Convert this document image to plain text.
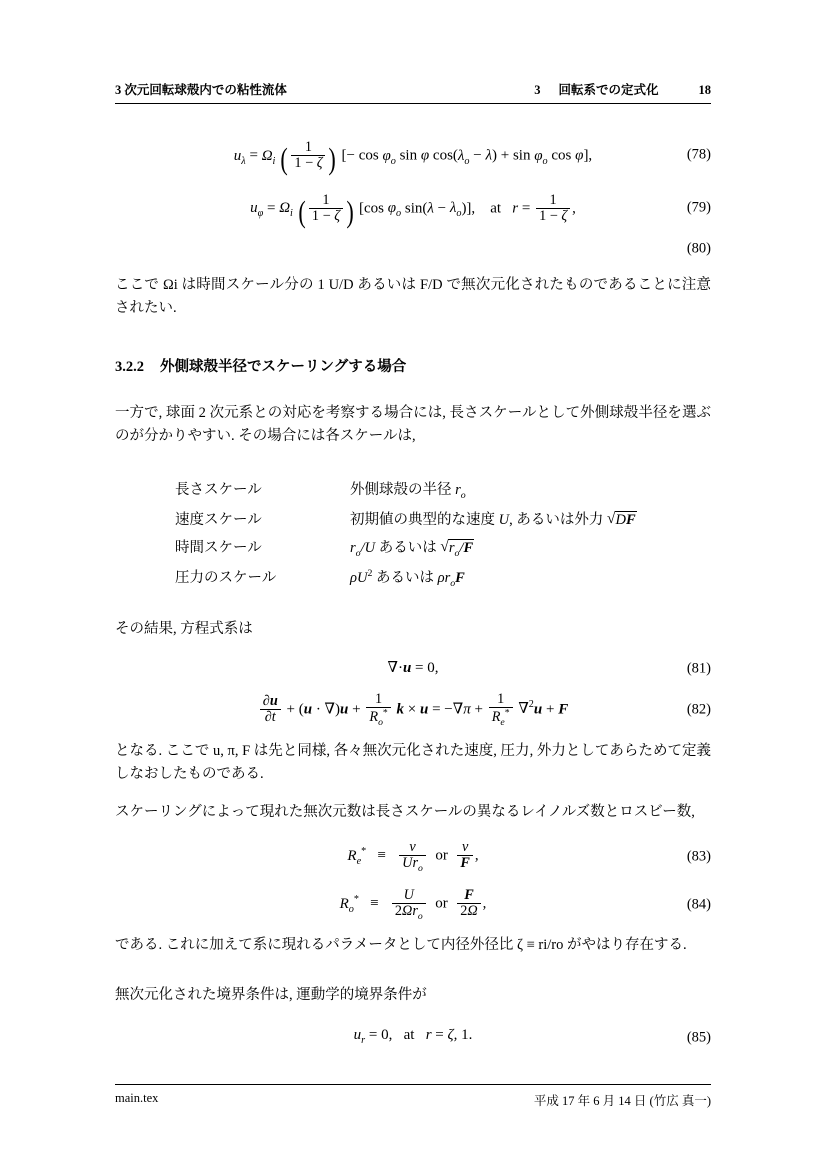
3 次元回転球殻内での粘性流体	3 回転系での定式化	18
$u_\lambda = \Omega_i$ ( $\frac{1}{1 - \zeta}$ ) [− $\cos \varphi_o$ sin φ $\cos(\lambda_o - \lambda) + \sin \varphi_o$ cos φ],	(78)
$u_\varphi = \Omega_i$ ( $\frac{1}{1 - \zeta}$ ) [cos $\varphi_o$ $\sin(\lambda - \lambda_o)$], at $r = \frac{1}{1 - \zeta}$ ,	(79)

(80)

ここで Ωi は時間スケール分の 1 U/D あるいは F/D で無次元化されたものであることに注意されたい.

3.2.2 外側球殻半径でスケーリングする場合

一方で, 球面 2 次元系との対応を考察する場合には, 長さスケールとして外側球殻半径を選ぶのが分かりやすい. その場合には各スケールは,

長さスケール	外側球殻の半径 $r_o$
速度スケール	初期値の典型的な速度 U, あるいは外力 √ DF
時間スケール	$r_o/U$ あるいは √ $r_o/F$
圧力のスケール	$\rho U^2$ あるいは $\rho r_oF$

その結果, 方程式系は

∇·u = 0,	(81)
$\frac{\partial u}{\partial t} + (u \cdot \nabla)u + \frac{1}{R_o^*}$ $k \times u = -\nabla\pi + \frac{1}{R_e^*} \nabla^2u + F$	(82)

となる. ここで u, π, F は先と同様, 各々無次元化された速度, 圧力, 外力としてあらためて定義しなおしたものである.

スケーリングによって現れた無次元数は長さスケールの異なるレイノルズ数とロスビー数,

$R_e^* \equiv \frac{\nu}{Ur_o}$ or $\frac{\nu}{F}$ ,	(83)
$R_o^* \equiv \frac{U}{2\Omega r_o}$ or $\frac{F}{2\Omega}$ ,	(84)

である. これに加えて系に現れるパラメータとして内径外径比 ζ ≡ ri/ro がやはり存在する.

無次元化された境界条件は, 運動学的境界条件が

$u_r = 0$, at r = ζ, 1.	(85)
main.tex	平成 17 年 6 月 14 日 (竹広 真一)
